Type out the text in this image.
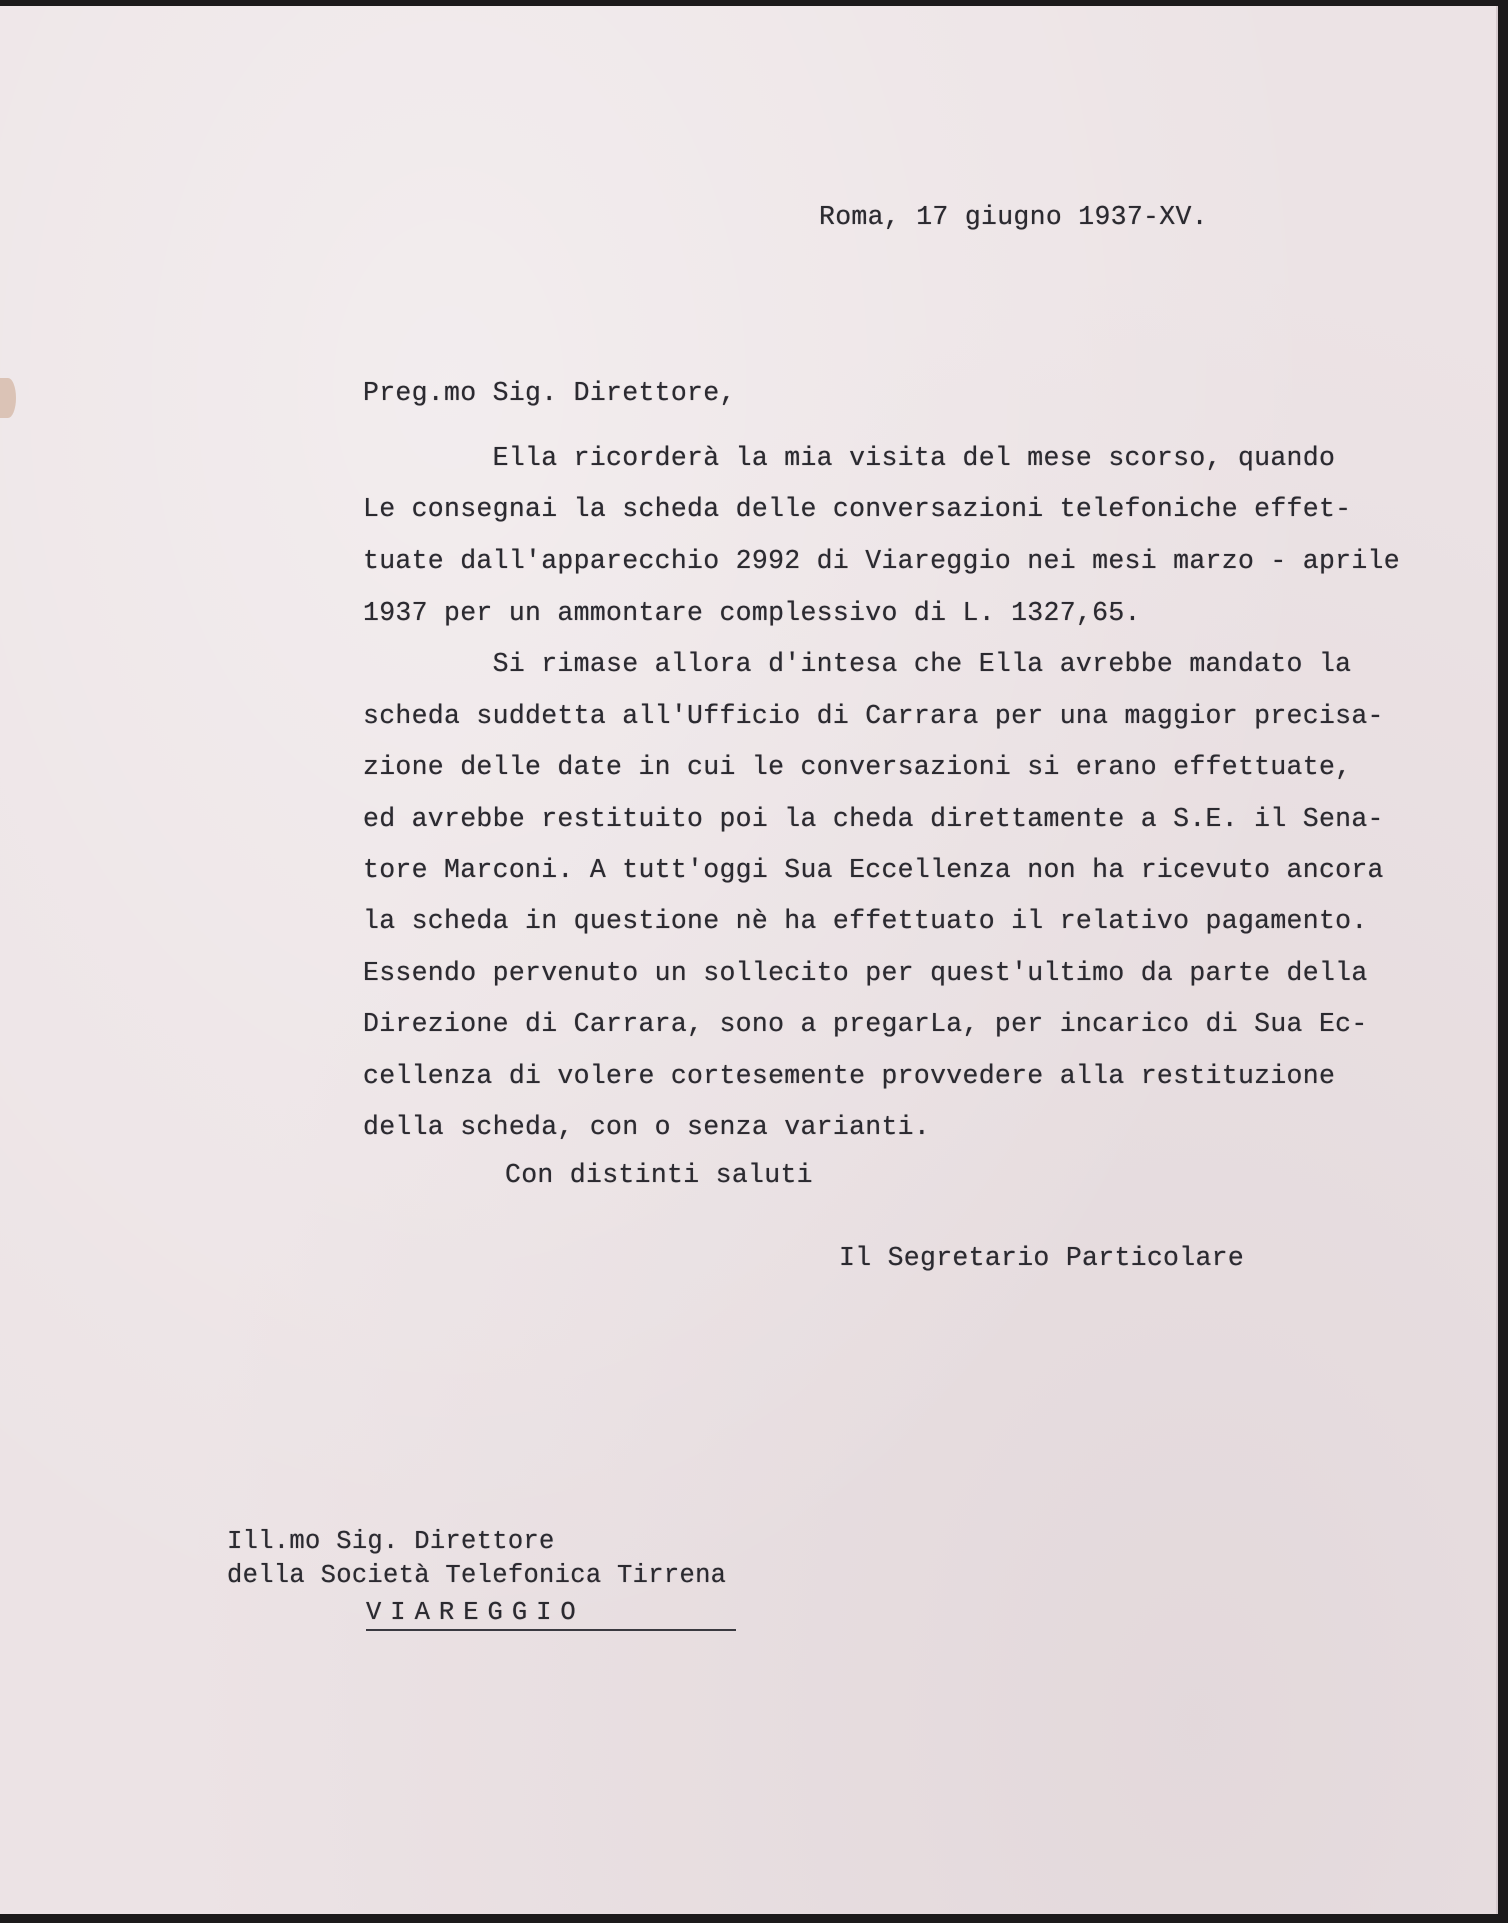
Roma, 17 giugno 1937-XV.
Preg.mo Sig. Direttore,
Ella ricorderà la mia visita del mese scorso, quando
Le consegnai la scheda delle conversazioni telefoniche effet-
tuate dall'apparecchio 2992 di Viareggio nei mesi marzo - aprile
1937 per un ammontare complessivo di L. 1327,65.
Si rimase allora d'intesa che Ella avrebbe mandato la
scheda suddetta all'Ufficio di Carrara per una maggior precisa-
zione delle date in cui le conversazioni si erano effettuate,
ed avrebbe restituito poi la cheda direttamente a S.E. il Sena-
tore Marconi. A tutt'oggi Sua Eccellenza non ha ricevuto ancora
la scheda in questione nè ha effettuato il relativo pagamento.
Essendo pervenuto un sollecito per quest'ultimo da parte della
Direzione di Carrara, sono a pregarLa, per incarico di Sua Ec-
cellenza di volere cortesemente provvedere alla restituzione
della scheda, con o senza varianti.
Con distinti saluti
Il Segretario Particolare
Ill.mo Sig. Direttore
della Società Telefonica Tirrena
VIAREGGIO
